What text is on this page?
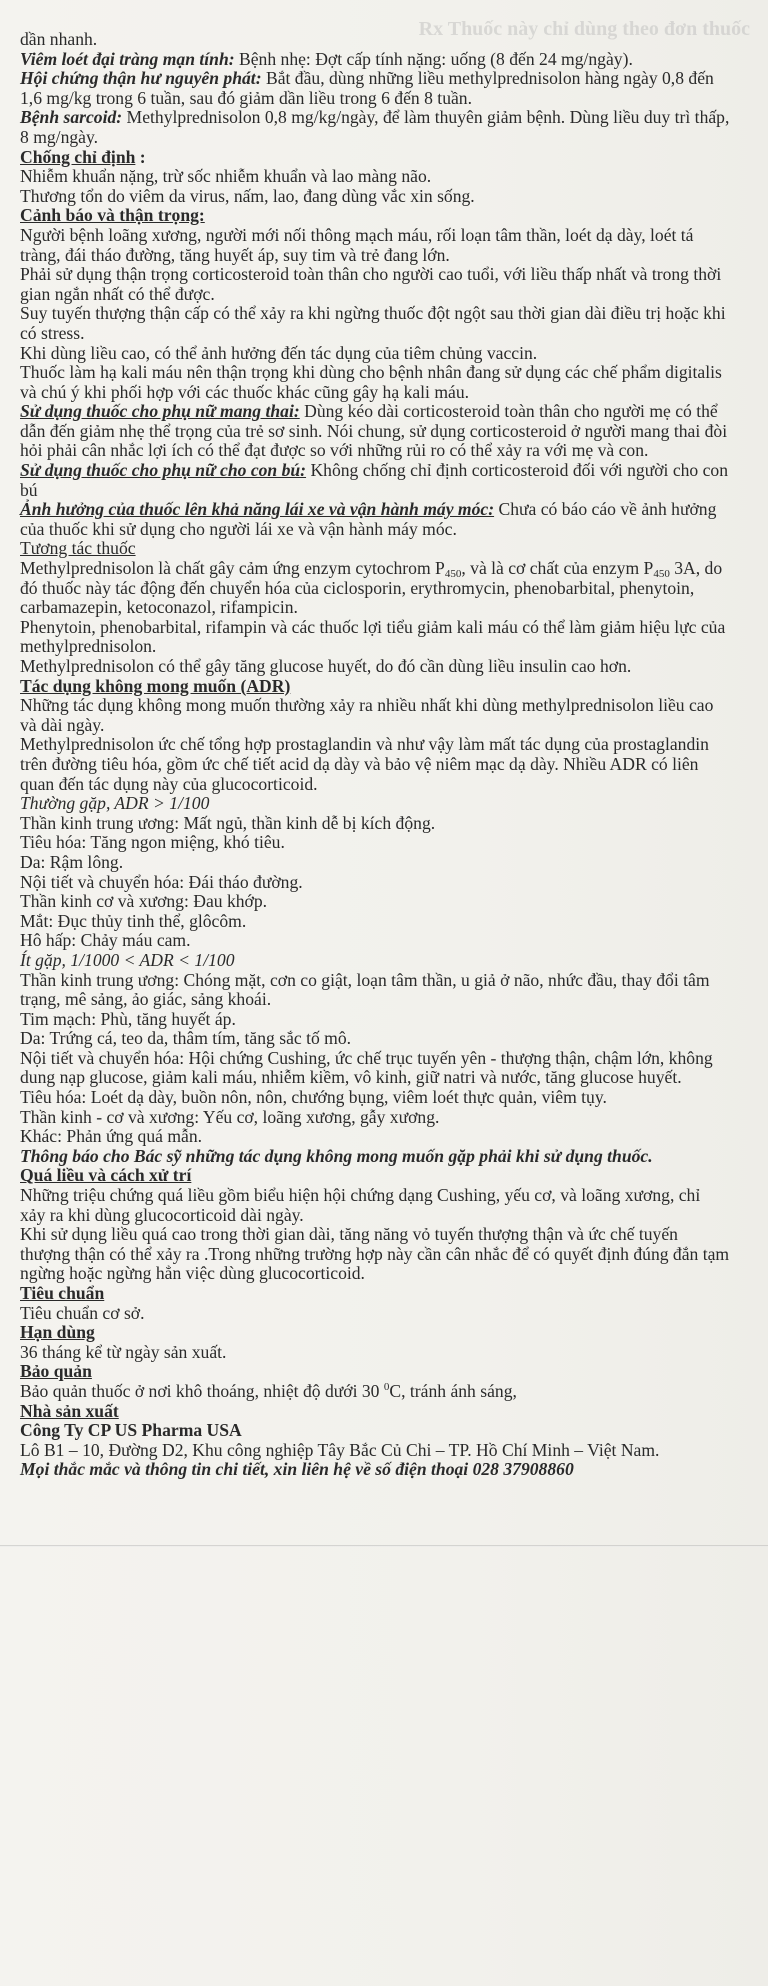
Rx Thuốc này chỉ dùng theo đơn thuốc

dần nhanh.

Viêm loét đại tràng mạn tính: Bệnh nhẹ: Đợt cấp tính nặng: uống (8 đến 24 mg/ngày).

Hội chứng thận hư nguyên phát: Bắt đầu, dùng những liều methylprednisolon hàng ngày 0,8 đến 1,6 mg/kg trong 6 tuần, sau đó giảm dần liều trong 6 đến 8 tuần.

Bệnh sarcoid: Methylprednisolon 0,8 mg/kg/ngày, để làm thuyên giảm bệnh. Dùng liều duy trì thấp, 8 mg/ngày.

Chống chỉ định :

Nhiễm khuẩn nặng, trừ sốc nhiễm khuẩn và lao màng não.

Thương tổn do viêm da virus, nấm, lao, đang dùng vắc xin sống.

Cảnh báo và thận trọng:

Người bệnh loãng xương, người mới nối thông mạch máu, rối loạn tâm thần, loét dạ dày, loét tá tràng, đái tháo đường, tăng huyết áp, suy tim và trẻ đang lớn.

Phải sử dụng thận trọng corticosteroid toàn thân cho người cao tuổi, với liều thấp nhất và trong thời gian ngắn nhất có thể được.

Suy tuyến thượng thận cấp có thể xảy ra khi ngừng thuốc đột ngột sau thời gian dài điều trị hoặc khi có stress.

Khi dùng liều cao, có thể ảnh hưởng đến tác dụng của tiêm chủng vaccin.

Thuốc làm hạ kali máu nên thận trọng khi dùng cho bệnh nhân đang sử dụng các chế phẩm digitalis và chú ý khi phối hợp với các thuốc khác cũng gây hạ kali máu.

Sử dụng thuốc cho phụ nữ mang thai: Dùng kéo dài corticosteroid toàn thân cho người mẹ có thể dẫn đến giảm nhẹ thể trọng của trẻ sơ sinh. Nói chung, sử dụng corticosteroid ở người mang thai đòi hỏi phải cân nhắc lợi ích có thể đạt được so với những rủi ro có thể xảy ra với mẹ và con.

Sử dụng thuốc cho phụ nữ cho con bú: Không chống chỉ định corticosteroid đối với người cho con bú

Ảnh hưởng của thuốc lên khả năng lái xe và vận hành máy móc: Chưa có báo cáo về ảnh hưởng của thuốc khi sử dụng cho người lái xe và vận hành máy móc.

Tương tác thuốc

Methylprednisolon là chất gây cảm ứng enzym cytochrom $P_{450}$, và là cơ chất của enzym $P_{450}$ 3A, do đó thuốc này tác động đến chuyển hóa của ciclosporin, erythromycin, phenobarbital, phenytoin, carbamazepin, ketoconazol, rifampicin.

Phenytoin, phenobarbital, rifampin và các thuốc lợi tiểu giảm kali máu có thể làm giảm hiệu lực của methylprednisolon.

Methylprednisolon có thể gây tăng glucose huyết, do đó cần dùng liều insulin cao hơn.

Tác dụng không mong muốn (ADR)

Những tác dụng không mong muốn thường xảy ra nhiều nhất khi dùng methylprednisolon liều cao và dài ngày.

Methylprednisolon ức chế tổng hợp prostaglandin và như vậy làm mất tác dụng của prostaglandin trên đường tiêu hóa, gồm ức chế tiết acid dạ dày và bảo vệ niêm mạc dạ dày. Nhiều ADR có liên quan đến tác dụng này của glucocorticoid.

Thường gặp, ADR > 1/100

Thần kinh trung ương: Mất ngủ, thần kinh dễ bị kích động.

Tiêu hóa: Tăng ngon miệng, khó tiêu.

Da: Rậm lông.

Nội tiết và chuyển hóa: Đái tháo đường.

Thần kinh cơ và xương: Đau khớp.

Mắt: Đục thủy tinh thể, glôcôm.

Hô hấp: Chảy máu cam.

Ít gặp, 1/1000 < ADR < 1/100

Thần kinh trung ương: Chóng mặt, cơn co giật, loạn tâm thần, u giả ở não, nhức đầu, thay đổi tâm trạng, mê sảng, ảo giác, sảng khoái.

Tim mạch: Phù, tăng huyết áp.

Da: Trứng cá, teo da, thâm tím, tăng sắc tố mô.

Nội tiết và chuyển hóa: Hội chứng Cushing, ức chế trục tuyến yên - thượng thận, chậm lớn, không dung nạp glucose, giảm kali máu, nhiễm kiềm, vô kinh, giữ natri và nước, tăng glucose huyết.

Tiêu hóa: Loét dạ dày, buồn nôn, nôn, chướng bụng, viêm loét thực quản, viêm tụy.

Thần kinh - cơ và xương: Yếu cơ, loãng xương, gẫy xương.

Khác: Phản ứng quá mẫn.

Thông báo cho Bác sỹ những tác dụng không mong muốn gặp phải khi sử dụng thuốc.

Quá liều và cách xử trí

Những triệu chứng quá liều gồm biểu hiện hội chứng dạng Cushing, yếu cơ, và loãng xương, chỉ xảy ra khi dùng glucocorticoid dài ngày.

Khi sử dụng liều quá cao trong thời gian dài, tăng năng vỏ tuyến thượng thận và ức chế tuyến thượng thận có thể xảy ra .Trong những trường hợp này cần cân nhắc để có quyết định đúng đắn tạm ngừng hoặc ngừng hẳn việc dùng glucocorticoid.

Tiêu chuẩn

Tiêu chuẩn cơ sở.

Hạn dùng

36 tháng kể từ ngày sản xuất.

Bảo quản

Bảo quản thuốc ở nơi khô thoáng, nhiệt độ dưới 30 $^0$C, tránh ánh sáng,

Nhà sản xuất

Công Ty CP US Pharma USA

Lô B1 – 10, Đường D2, Khu công nghiệp Tây Bắc Củ Chi – TP. Hồ Chí Minh – Việt Nam.

Mọi thắc mắc và thông tin chi tiết, xin liên hệ về số điện thoại 028 37908860
